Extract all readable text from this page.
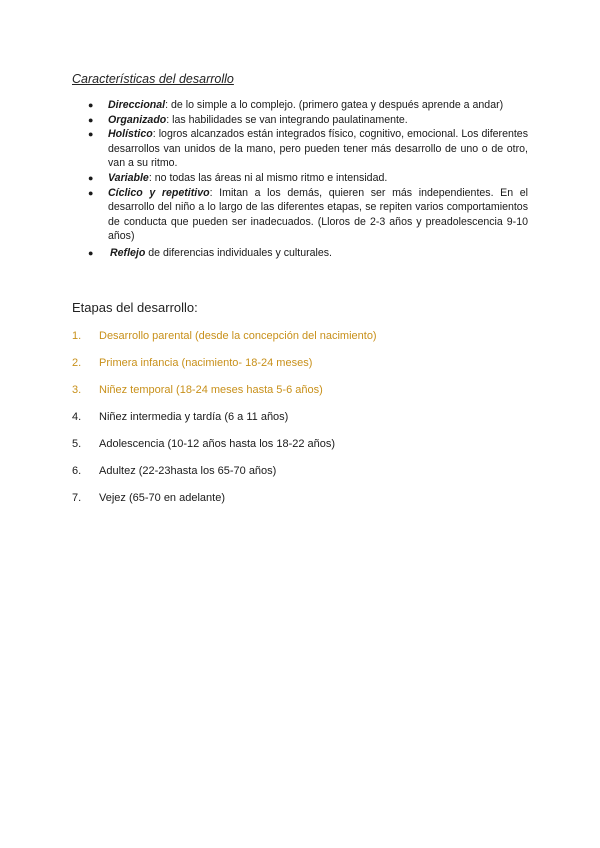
Características del desarrollo
● Direccional: de lo simple a lo complejo. (primero gatea y después aprende a andar)
● Organizado: las habilidades se van integrando paulatinamente.
● Holístico: logros alcanzados están integrados físico, cognitivo, emocional. Los diferentes desarrollos van unidos de la mano, pero pueden tener más desarrollo de uno o de otro, van a su ritmo.
● Variable: no todas las áreas ni al mismo ritmo e intensidad.
● Cíclico y repetitivo: Imitan a los demás, quieren ser más independientes. En el desarrollo del niño a lo largo de las diferentes etapas, se repiten varios comportamientos de conducta que pueden ser inadecuados. (Lloros de 2-3 años y preadolescencia 9-10 años)
● Reflejo de diferencias individuales y culturales.
Etapas del desarrollo:
1. Desarrollo parental (desde la concepción del nacimiento)
2. Primera infancia (nacimiento- 18-24 meses)
3. Niñez temporal (18-24 meses hasta 5-6 años)
4. Niñez intermedia y tardía (6 a 11 años)
5. Adolescencia (10-12 años hasta los 18-22 años)
6. Adultez (22-23hasta los 65-70 años)
7. Vejez (65-70 en adelante)
